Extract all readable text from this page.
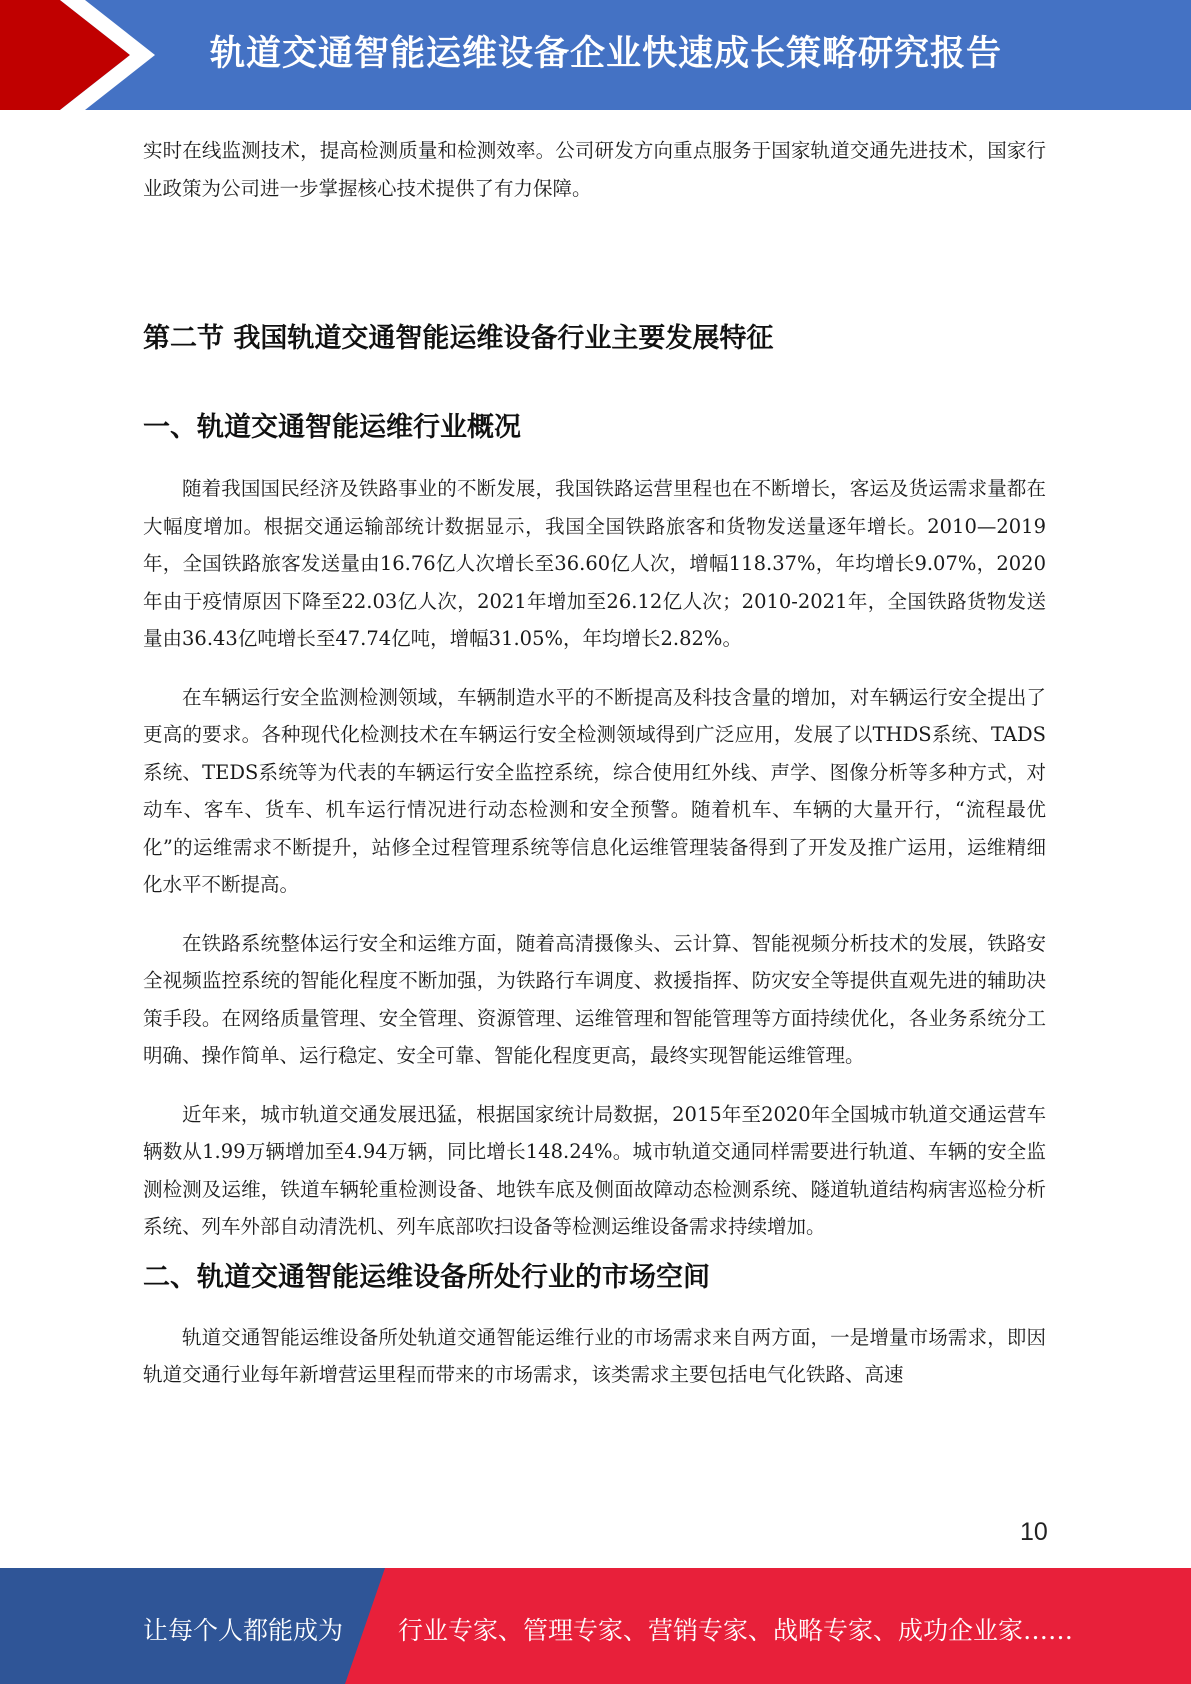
轨道交通智能运维设备企业快速成长策略研究报告

实时在线监测技术，提高检测质量和检测效率。公司研发方向重点服务于国家轨道交通先进技术，国家行业政策为公司进一步掌握核心技术提供了有力保障。

第二节 我国轨道交通智能运维设备行业主要发展特征
一、轨道交通智能运维行业概况

随着我国国民经济及铁路事业的不断发展，我国铁路运营里程也在不断增长，客运及货运需求量都在大幅度增加。根据交通运输部统计数据显示，我国全国铁路旅客和货物发送量逐年增长。2010—2019年，全国铁路旅客发送量由16.76亿人次增长至36.60亿人次，增幅118.37%，年均增长9.07%，2020年由于疫情原因下降至22.03亿人次，2021年增加至26.12亿人次；2010-2021年，全国铁路货物发送量由36.43亿吨增长至47.74亿吨，增幅31.05%，年均增长2.82%。

在车辆运行安全监测检测领域，车辆制造水平的不断提高及科技含量的增加，对车辆运行安全提出了更高的要求。各种现代化检测技术在车辆运行安全检测领域得到广泛应用，发展了以THDS系统、TADS系统、TEDS系统等为代表的车辆运行安全监控系统，综合使用红外线、声学、图像分析等多种方式，对动车、客车、货车、机车运行情况进行动态检测和安全预警。随着机车、车辆的大量开行，“流程最优化”的运维需求不断提升，站修全过程管理系统等信息化运维管理装备得到了开发及推广运用，运维精细化水平不断提高。

在铁路系统整体运行安全和运维方面，随着高清摄像头、云计算、智能视频分析技术的发展，铁路安全视频监控系统的智能化程度不断加强，为铁路行车调度、救援指挥、防灾安全等提供直观先进的辅助决策手段。在网络质量管理、安全管理、资源管理、运维管理和智能管理等方面持续优化，各业务系统分工明确、操作简单、运行稳定、安全可靠、智能化程度更高，最终实现智能运维管理。

近年来，城市轨道交通发展迅猛，根据国家统计局数据，2015年至2020年全国城市轨道交通运营车辆数从1.99万辆增加至4.94万辆，同比增长148.24%。城市轨道交通同样需要进行轨道、车辆的安全监测检测及运维，铁道车辆轮重检测设备、地铁车底及侧面故障动态检测系统、隧道轨道结构病害巡检分析系统、列车外部自动清洗机、列车底部吹扫设备等检测运维设备需求持续增加。

二、轨道交通智能运维设备所处行业的市场空间

轨道交通智能运维设备所处轨道交通智能运维行业的市场需求来自两方面，一是增量市场需求，即因轨道交通行业每年新增营运里程而带来的市场需求，该类需求主要包括电气化铁路、高速

10
让每个人都能成为 行业专家、管理专家、营销专家、战略专家、成功企业家……
